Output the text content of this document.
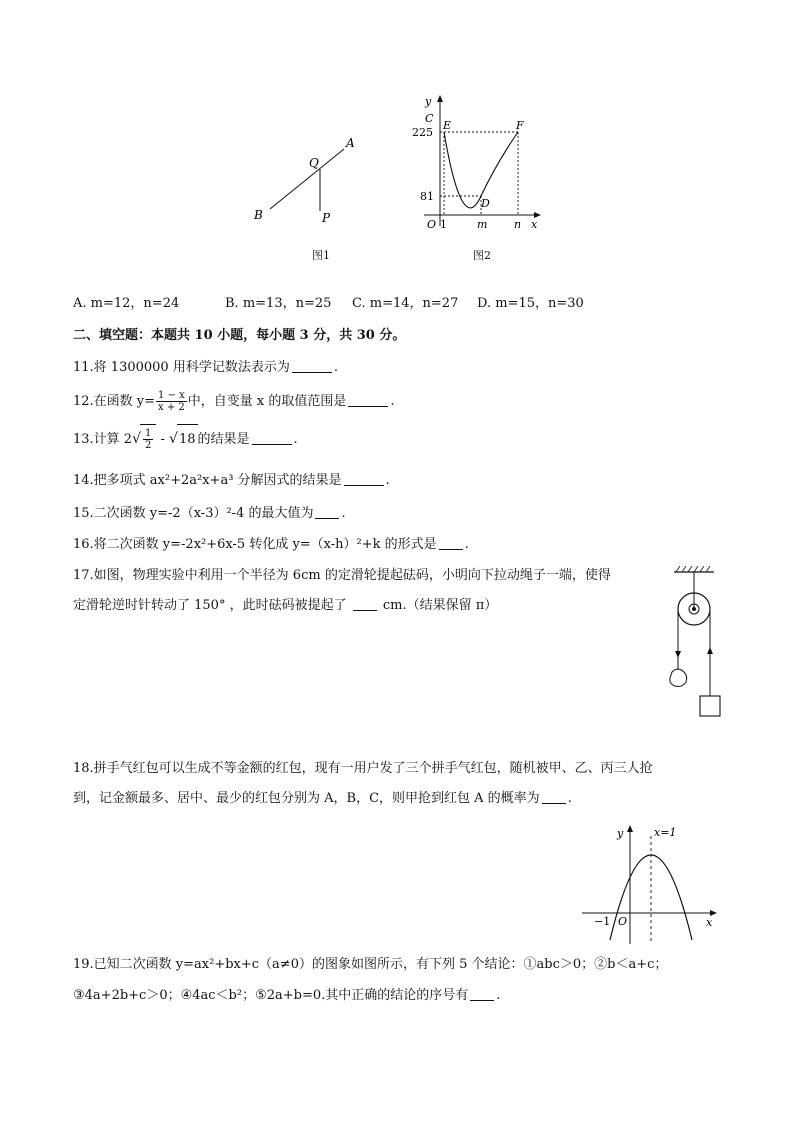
A
Q
B	P
图1
y
C
E	F
225
81
D
O 1	m n x
图2
A. m=12，n=24	B. m=13，n=25 C. m=14，n=27 D. m=15，n=30
二、填空题：本题共 10 小题，每小题 3 分，共 30 分。
11.将 1300000 用科学记数法表示为	.
12.在函数 $y= \frac{1 - x}{x + 2}$ 中，自变量 x 的取值范围是	.
13.计算 $2√ \frac{1}{2} - √18$ 的结果是	.
14.把多项式 ax²+2a²x+a³ 分解因式的结果是	.
15.二次函数 y=-2（x-3）²-4 的最大值为 .
16.将二次函数 y=-2x²+6x-5 转化成 y=（x-h）²+k 的形式是 .
17.如图，物理实验中利用一个半径为 6cm 的定滑轮提起砝码，小明向下拉动绳子一端，使得
定滑轮逆时针转动了 150° ，此时砝码被提起了	cm.（结果保留 π）
18.拼手气红包可以生成不等金额的红包，现有一用户发了三个拼手气红包，随机被甲、乙、丙三人抢
到，记金额最多、居中、最少的红包分别为 A，B，C，则甲抢到红包 A 的概率为 .
y	x=1
−1 O	x
19.已知二次函数 y=ax²+bx+c（a≠0）的图象如图所示，有下列 5 个结论：①abc＞0；②b＜a+c；
③4a+2b+c＞0；④4ac＜b²；⑤2a+b=0.其中正确的结论的序号有 .
